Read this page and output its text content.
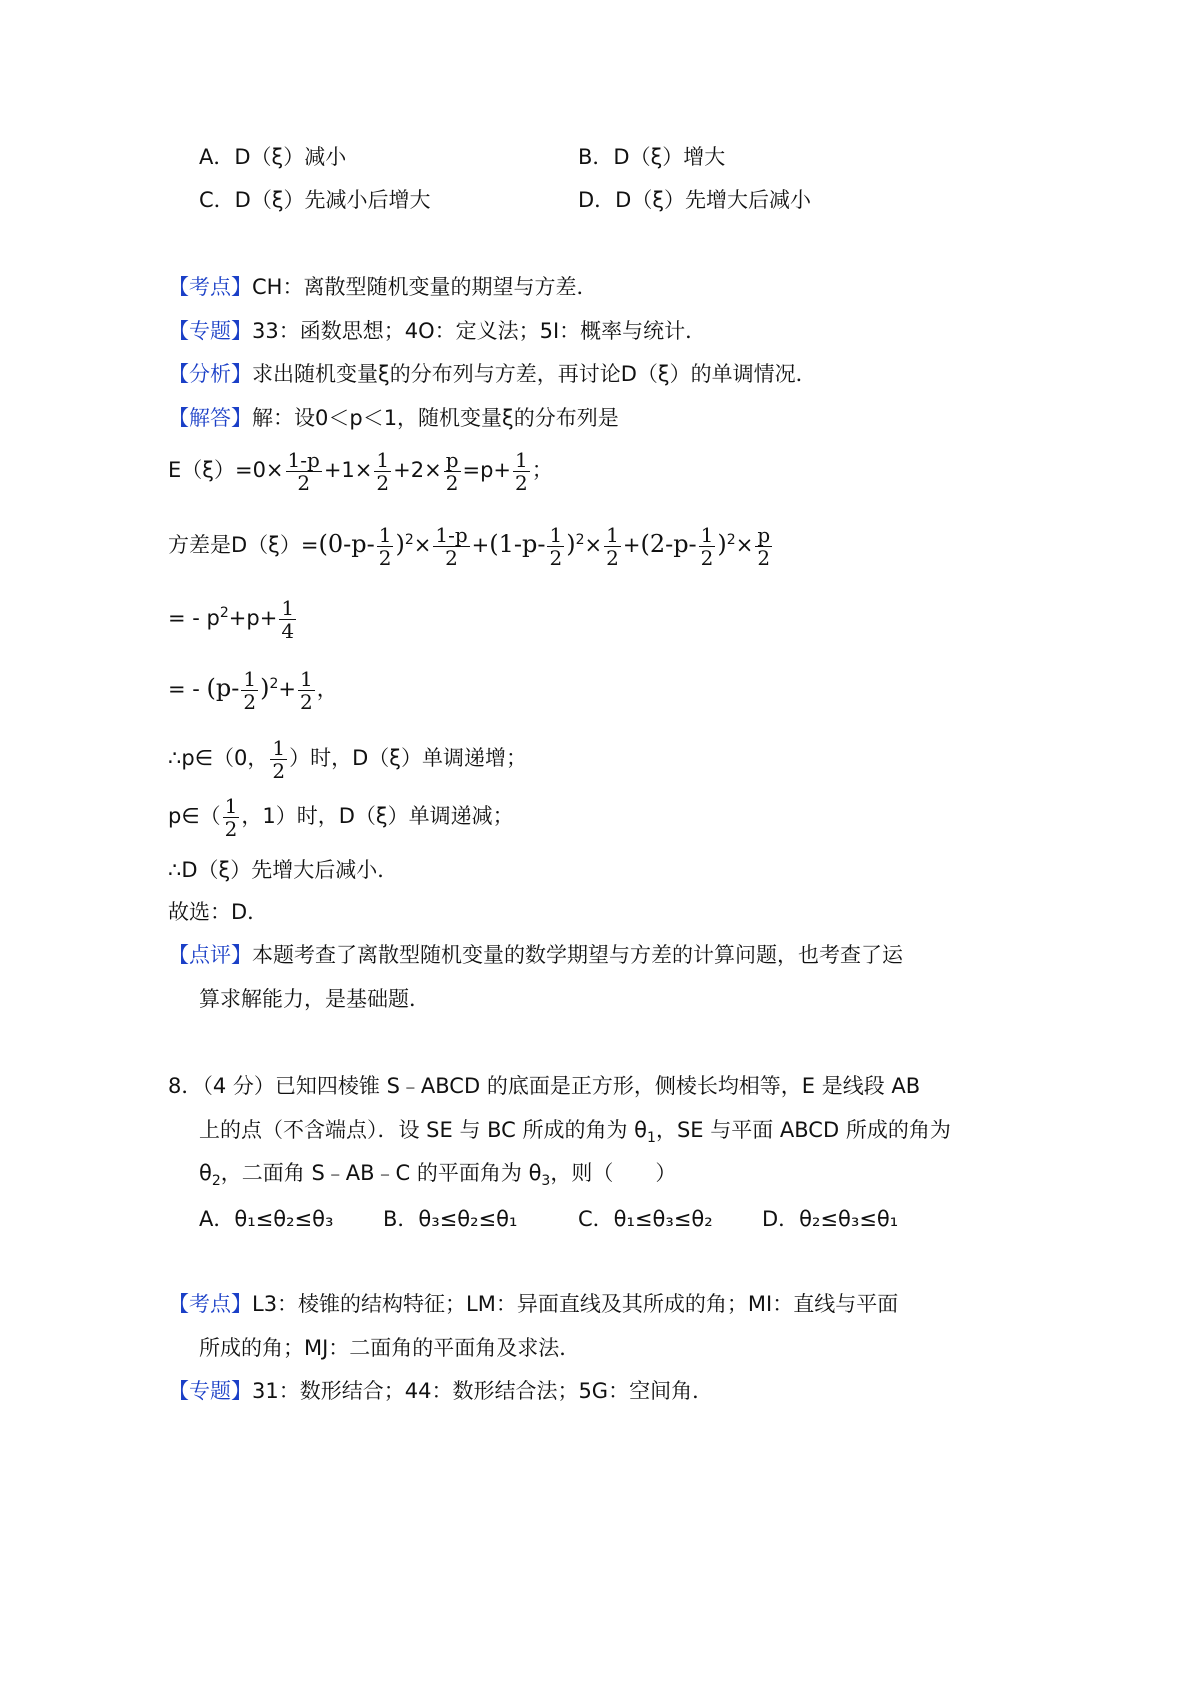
A．D（ξ）减小	B．D（ξ）增大
C．D（ξ）先减小后增大	D．D（ξ）先增大后减小
【考点】CH：离散型随机变量的期望与方差．
【专题】33：函数思想；4O：定义法；5I：概率与统计．
【分析】求出随机变量ξ的分布列与方差，再讨论D（ξ）的单调情况．
【解答】解：设0＜p＜1，随机变量ξ的分布列是
$E(\xi)=0\times \frac{1-p}{2} +1\times \frac{1}{2} +2\times \frac{p}{2} =p+ \frac{1}{2}$ ；
方差是$D(\xi)=(0-p- \frac{1}{2} )^2\times \frac{1-p}{2} +(1-p- \frac{1}{2} )^2\times \frac{1}{2} +(2-p- \frac{1}{2} )^2\times \frac{p}{2}$
= - $p^2+p+ \frac{1}{4}$
= - $(p- \frac{1}{2} )^2+ \frac{1}{2}$ ，
∴p∈（0， $\frac{1}{2}$ ）时，D（ξ）单调递增；
p∈（ $\frac{1}{2}$ ，1）时，D（ξ）单调递减；
∴D（ξ）先增大后减小．
故选：D．
【点评】本题考查了离散型随机变量的数学期望与方差的计算问题，也考查了运
算求解能力，是基础题．
8．（4 分）已知四棱锥 S﹣ABCD 的底面是正方形，侧棱长均相等，E 是线段 AB
上的点（不含端点）．设 SE 与 BC 所成的角为 $\theta_1$，SE 与平面 ABCD 所成的角为
$\theta_2$，二面角 S﹣AB﹣C 的平面角为 $\theta_3$，则（　　）
A．θ₁≤θ₂≤θ₃ B．θ₃≤θ₂≤θ₁	C．θ₁≤θ₃≤θ₂ D．θ₂≤θ₃≤θ₁
【考点】L3：棱锥的结构特征；LM：异面直线及其所成的角；MI：直线与平面
所成的角；MJ：二面角的平面角及求法．
【专题】31：数形结合；44：数形结合法；5G：空间角．
